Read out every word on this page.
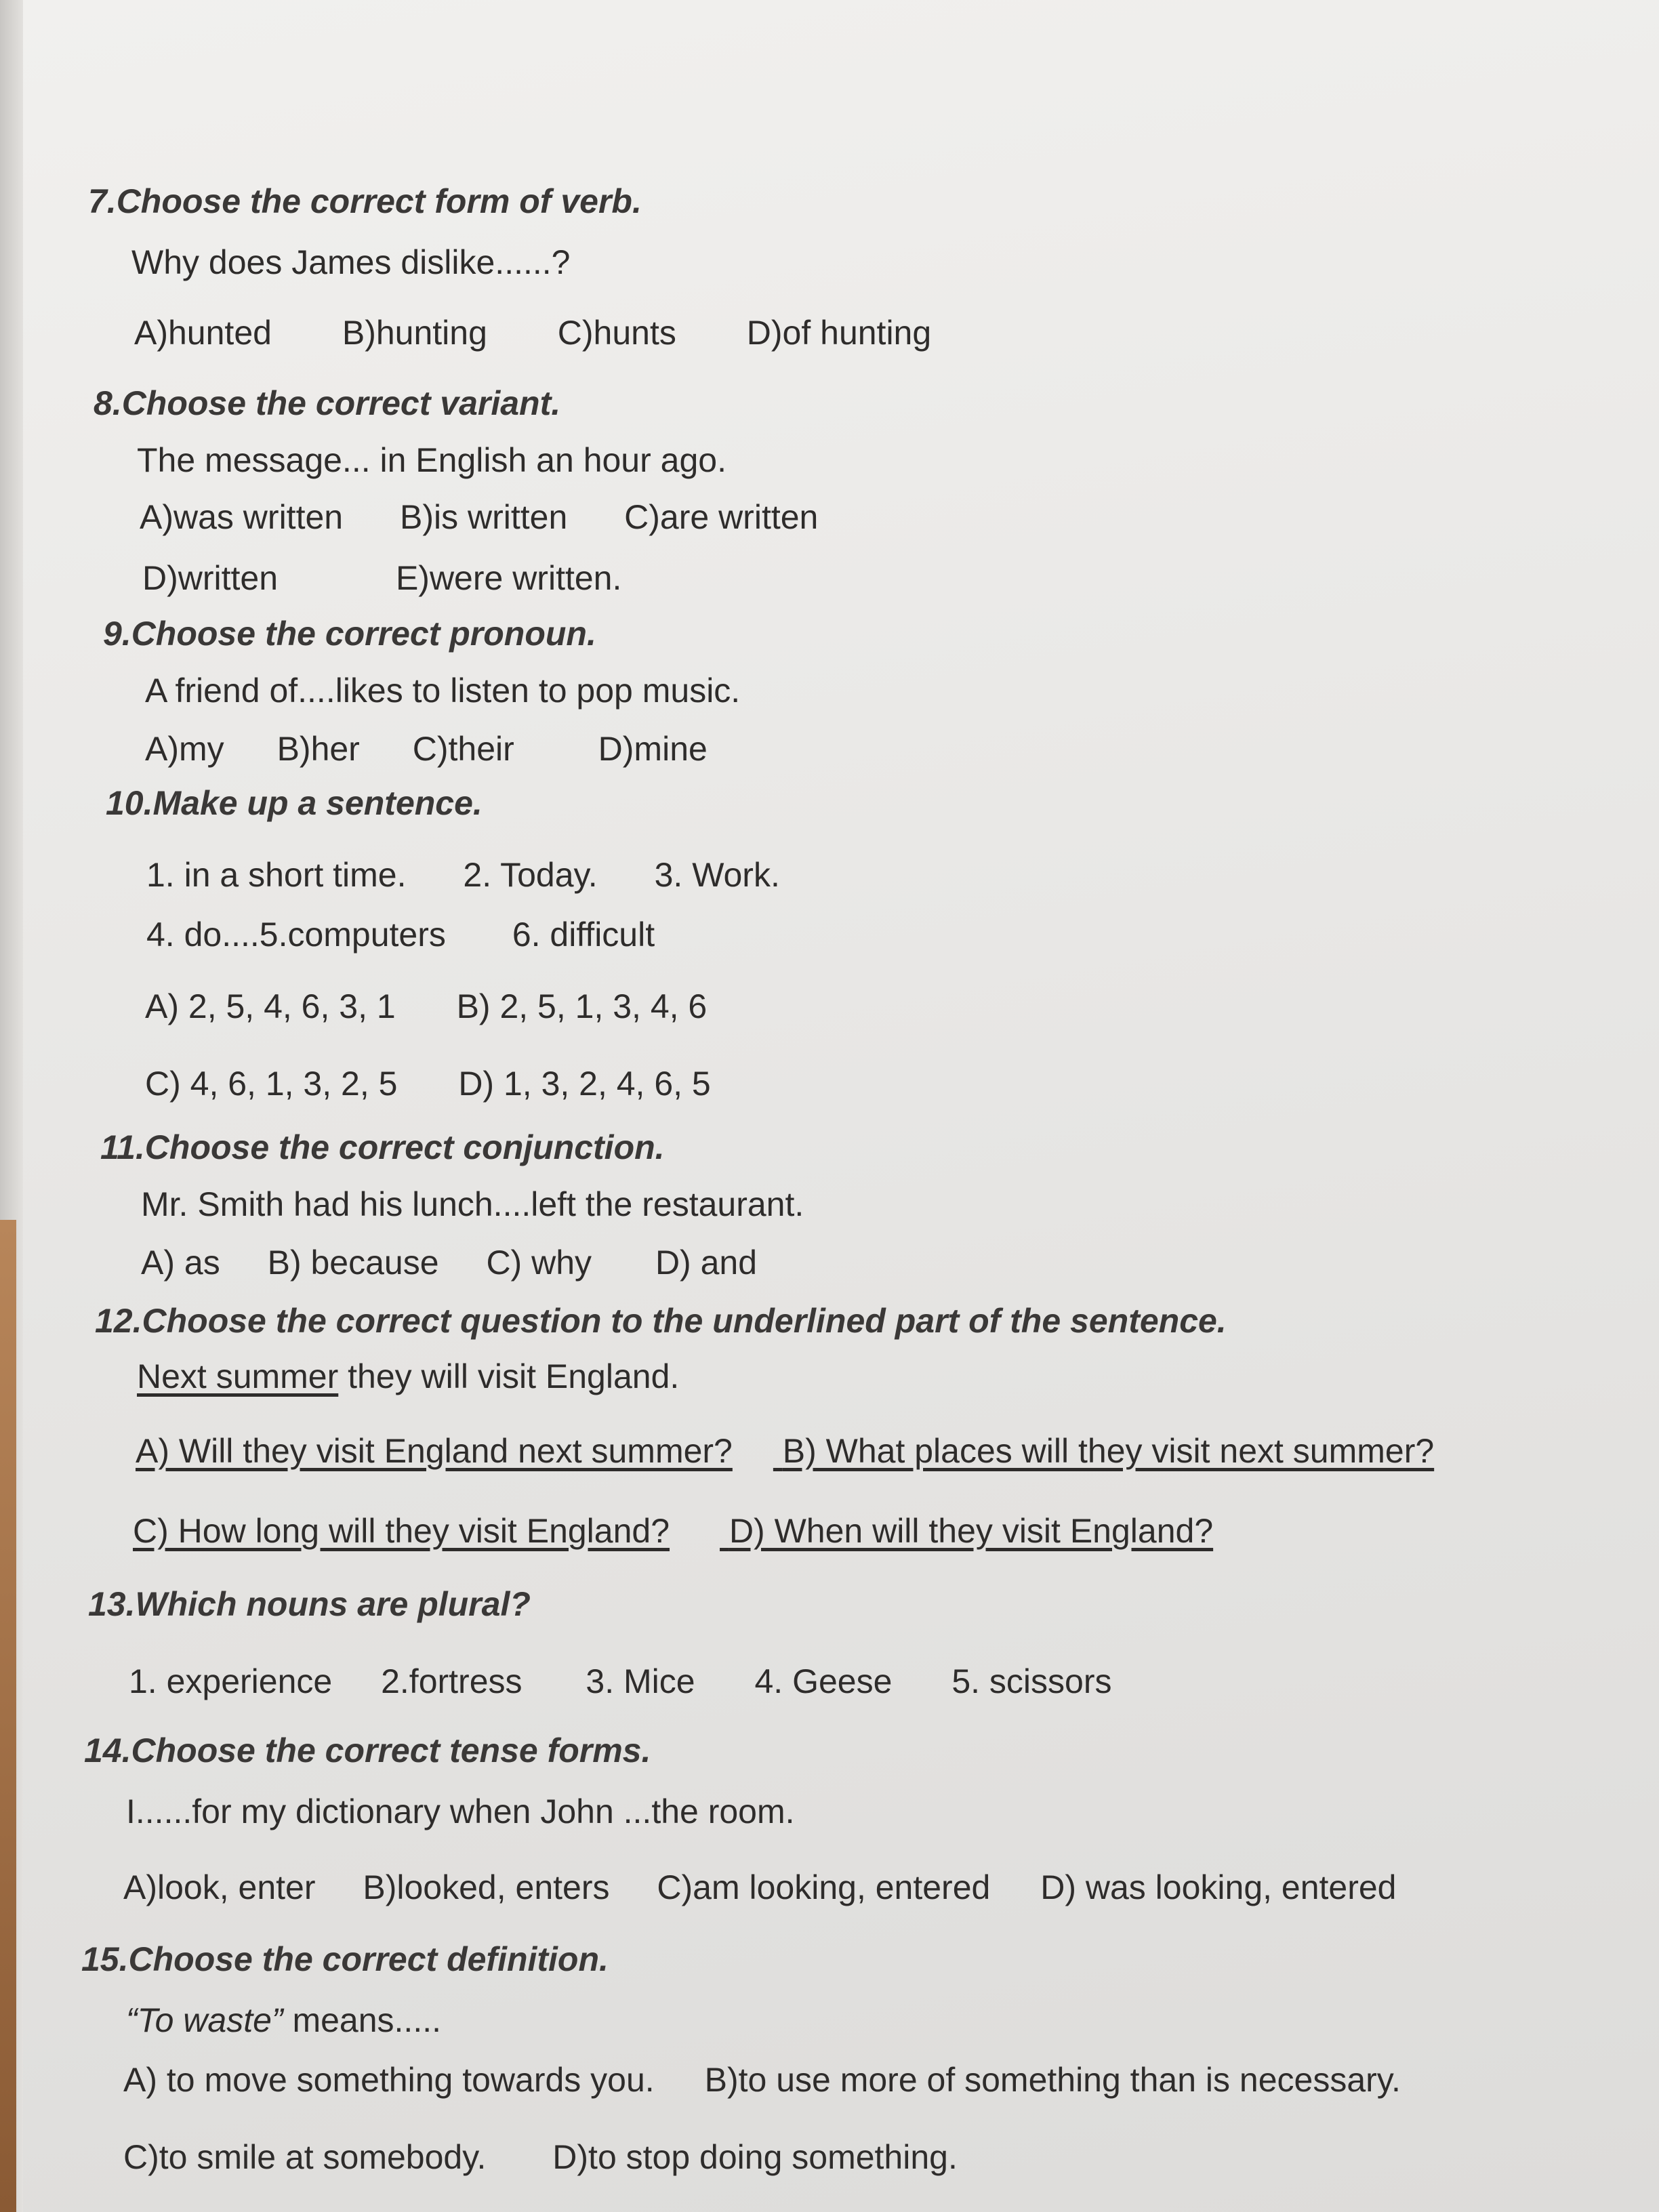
7.Choose the correct form of verb.
Why does James dislike......?
A)hunted B)hunting C)hunts D)of hunting
8.Choose the correct variant.
The message... in English an hour ago.
A)was written B)is written C)are written
D)written	E)were written.
9.Choose the correct pronoun.
A friend of....likes to listen to pop music.
A)my B)her C)their D)mine
10.Make up a sentence.
1. in a short time. 2. Today. 3. Work.
4. do....5.computers 6. difficult
A) 2, 5, 4, 6, 3, 1 B) 2, 5, 1, 3, 4, 6
C) 4, 6, 1, 3, 2, 5 D) 1, 3, 2, 4, 6, 5
11.Choose the correct conjunction.
Mr. Smith had his lunch....left the restaurant.
A) as B) because C) why D) and
12.Choose the correct question to the underlined part of the sentence.
Next summer they will visit England.
A) Will they visit England next summer? B) What places will they visit next summer?
C) How long will they visit England? D) When will they visit England?
13.Which nouns are plural?
1. experience 2.fortress 3. Mice 4. Geese 5. scissors
14.Choose the correct tense forms.
I......for my dictionary when John ...the room.
A)look, enter B)looked, enters C)am looking, entered D) was looking, entered
15.Choose the correct definition.
“To waste” means.....
A) to move something towards you. B)to use more of something than is necessary.
C)to smile at somebody. D)to stop doing something.
